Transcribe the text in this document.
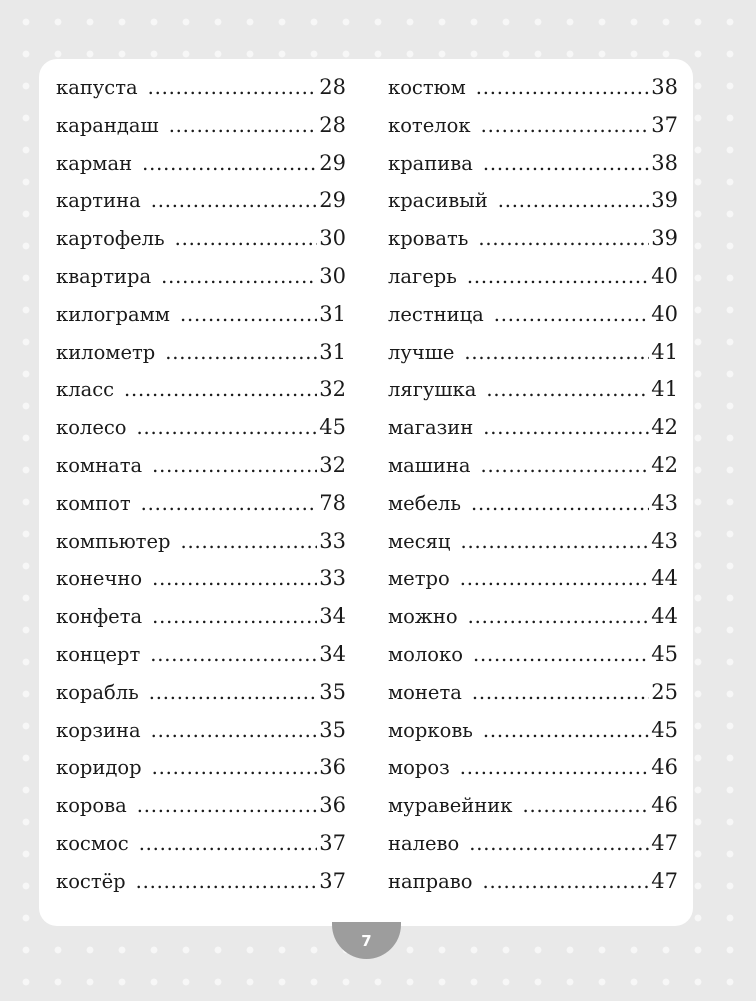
капуста .....	28
карандаш .....	28
карман .....	29
картина .....	29
картофель .....	30
квартира .....	30
килограмм .....	31
километр .....	31
класс .....	32
колесо .....	45
комната .....	32
компот .....	78
компьютер .....	33
конечно .....	33
конфета .....	34
концерт .....	34
корабль .....	35
корзина .....	35
коридор .....	36
корова .....	36
космос .....	37
костёр .....	37
костюм .....	38
котелок .....	37
крапива .....	38
красивый .....	39
кровать .....	39
лагерь .....	40
лестница .....	40
лучше .....	41
лягушка .....	41
магазин .....	42
машина .....	42
мебель .....	43
месяц .....	43
метро .....	44
можно .....	44
молоко .....	45
монета .....	25
морковь .....	45
мороз .....	46
муравейник .....	46
налево .....	47
направо .....	47
7
